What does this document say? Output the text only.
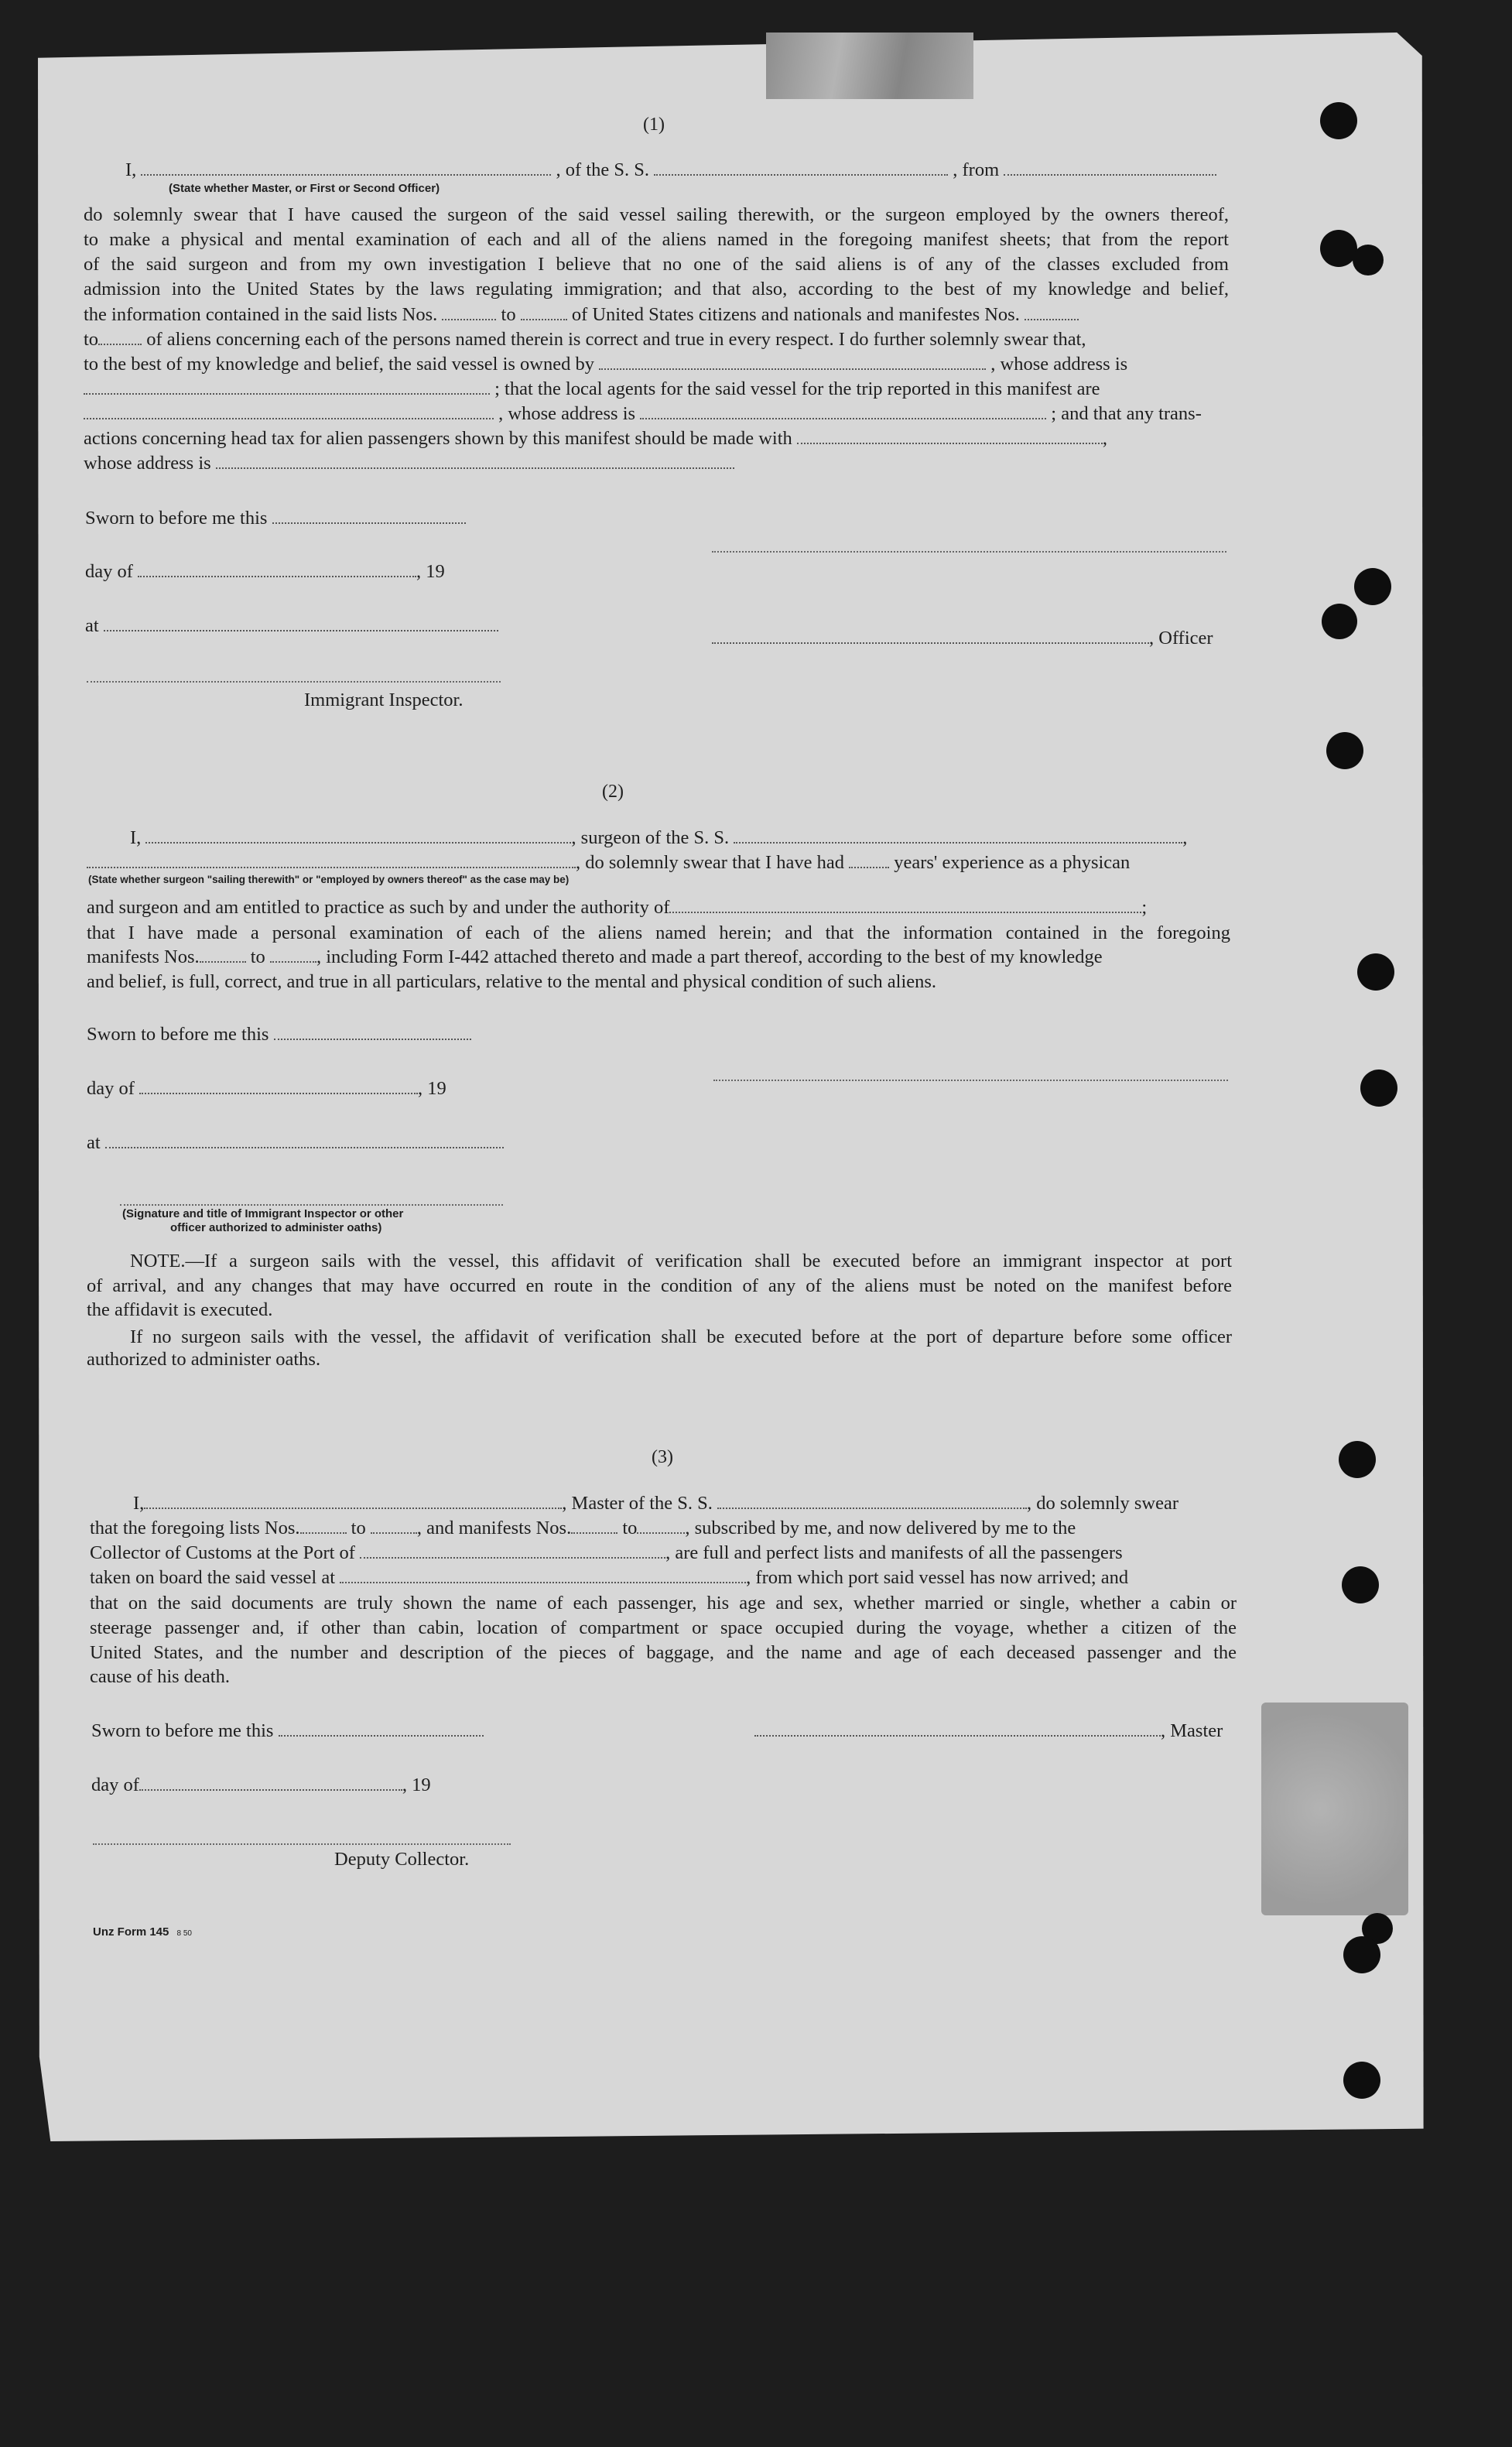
(1)

I,	, of the S. S.	, from

(State whether Master, or First or Second Officer)

do solemnly swear that I have caused the surgeon of the said vessel sailing therewith, or the surgeon employed by the owners thereof,

to make a physical and mental examination of each and all of the aliens named in the foregoing manifest sheets; that from the report

of the said surgeon and from my own investigation I believe that no one of the said aliens is of any of the classes excluded from

admission into the United States by the laws regulating immigration; and that also, according to the best of my knowledge and belief,

the information contained in the said lists Nos.	to	of United States citizens and nationals and manifestes Nos.

to	of aliens concerning each of the persons named therein is correct and true in every respect. I do further solemnly swear that,

to the best of my knowledge and belief, the said vessel is owned by	, whose address is

; that the local agents for the said vessel for the trip reported in this manifest are

, whose address is	; and that any trans-

actions concerning head tax for alien passengers shown by this manifest should be made with	,

whose address is

Sworn to before me this

day of	, 19

at

, Officer

Immigrant Inspector.

(2)

I,	, surgeon of the S. S.	,

, do solemnly swear that I have had	years' experience as a physican

(State whether surgeon "sailing therewith" or "employed by owners thereof" as the case may be)

and surgeon and am entitled to practice as such by and under the authority of	;

that I have made a personal examination of each of the aliens named herein; and that the information contained in the foregoing

manifests Nos.	to	, including Form I-442 attached thereto and made a part thereof, according to the best of my knowledge

and belief, is full, correct, and true in all particulars, relative to the mental and physical condition of such aliens.

Sworn to before me this

day of	, 19

at

(Signature and title of Immigrant Inspector or other

officer authorized to administer oaths)

NOTE.—If a surgeon sails with the vessel, this affidavit of verification shall be executed before an immigrant inspector at port

of arrival, and any changes that may have occurred en route in the condition of any of the aliens must be noted on the manifest before

the affidavit is executed.

If no surgeon sails with the vessel, the affidavit of verification shall be executed before at the port of departure before some officer

authorized to administer oaths.

(3)

I,	, Master of the S. S.	, do solemnly swear

that the foregoing lists Nos.	to	, and manifests Nos.	to	, subscribed by me, and now delivered by me to the

Collector of Customs at the Port of	, are full and perfect lists and manifests of all the passengers

taken on board the said vessel at	, from which port said vessel has now arrived; and

that on the said documents are truly shown the name of each passenger, his age and sex, whether married or single, whether a cabin or

steerage passenger and, if other than cabin, location of compartment or space occupied during the voyage, whether a citizen of the

United States, and the number and description of the pieces of baggage, and the name and age of each deceased passenger and the

cause of his death.

Sworn to before me this	, Master

day of	, 19

Deputy Collector.

Unz Form 145 8 50
